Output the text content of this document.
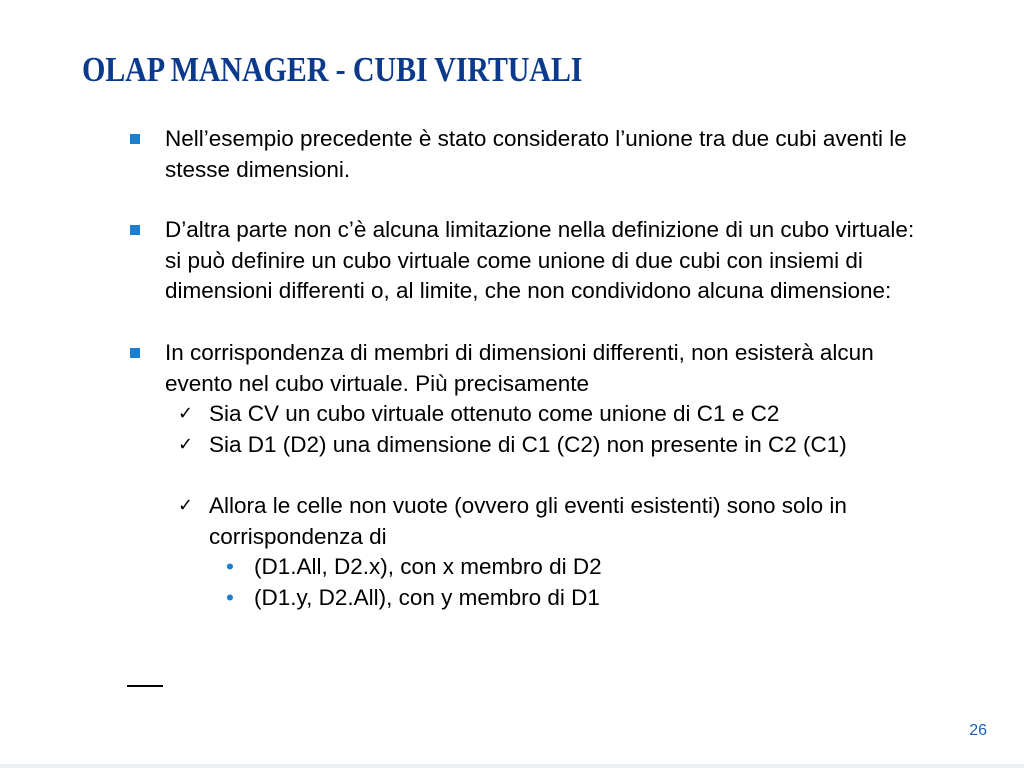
OLAP MANAGER - CUBI VIRTUALI
Nell’esempio precedente è stato considerato l’unione tra due cubi aventi le stesse dimensioni.
D’altra parte non c’è alcuna limitazione nella definizione di un cubo virtuale: si può definire un cubo virtuale come unione di due cubi con insiemi di dimensioni differenti o, al limite, che non condividono alcuna dimensione:
In corrispondenza di membri di dimensioni differenti, non esisterà alcun evento nel cubo virtuale. Più precisamente
✓ Sia CV un cubo virtuale ottenuto come unione di C1 e C2
✓ Sia D1 (D2) una dimensione di C1 (C2) non presente in C2 (C1)
✓ Allora le celle non vuote (ovvero gli eventi esistenti) sono solo in corrispondenza di
• (D1.All, D2.x), con x membro di D2
• (D1.y, D2.All), con y membro di D1
26
